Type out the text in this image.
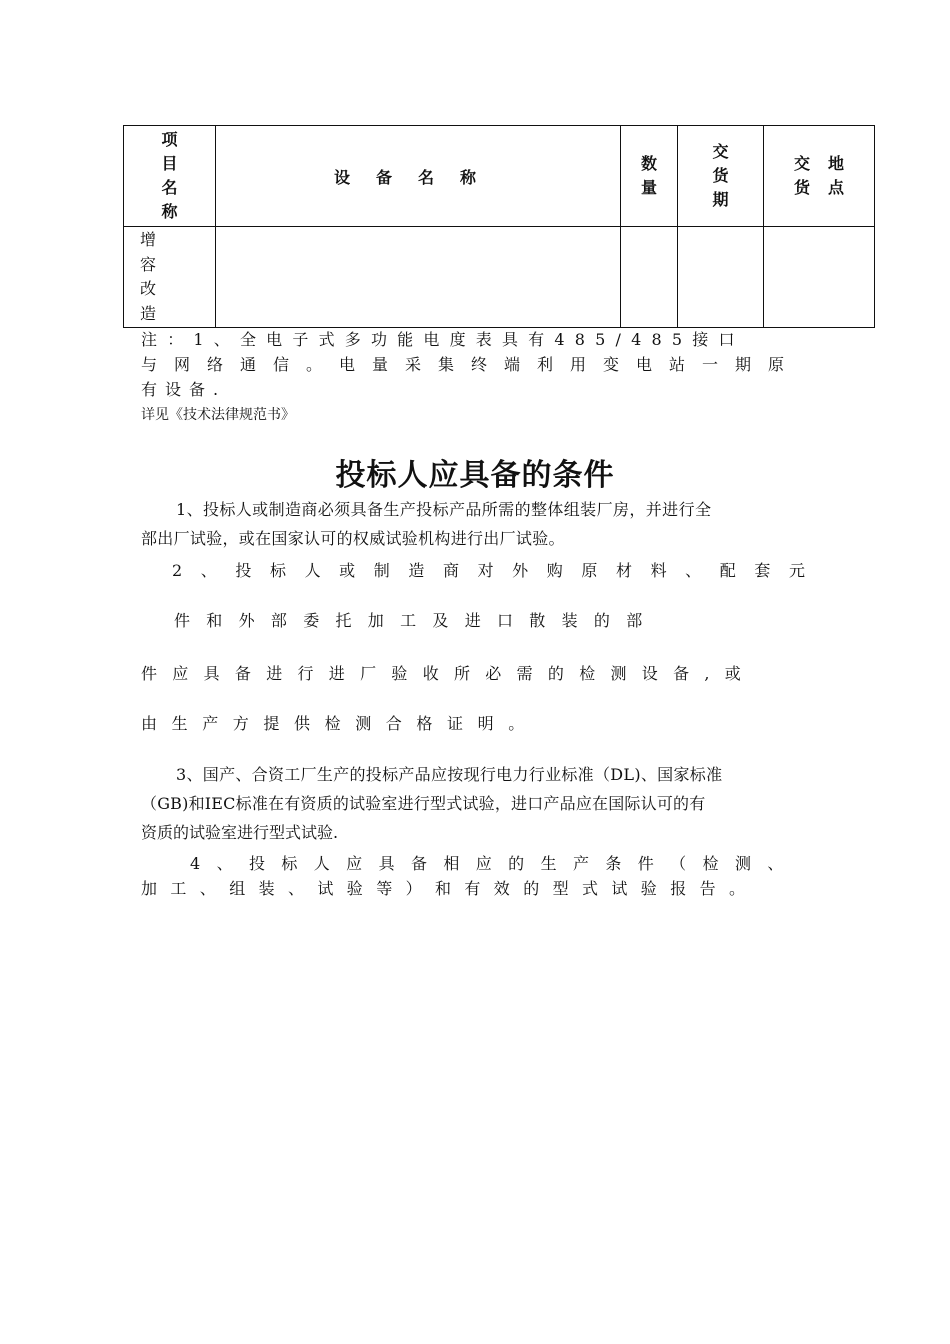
项目名称	设备名称	数量	交货期	交货
地点

增容改造				

注：1、全电子式多功能电度表具有485/485接口
与网络通信。电量采集终端利用变电站一期原
有设备.
详见《技术法律规范书》
投标人应具备的条件
1、投标人或制造商必须具备生产投标产品所需的整体组装厂房，并进行全
部出厂试验，或在国家认可的权威试验机构进行出厂试验。
2、投标人或制造商对外购原材料、配套元
件和外部委托加工及进口散装的部
件应具备进行进厂验收所必需的检测设备,或
由生产方提供检测合格证明。
3、国产、合资工厂生产的投标产品应按现行电力行业标准（DL)、国家标准
（GB)和IEC标准在有资质的试验室进行型式试验，进口产品应在国际认可的有
资质的试验室进行型式试验.
4、投标人应具备相应的生产条件（检测、
加工、组装、试验等）和有效的型式试验报告。
